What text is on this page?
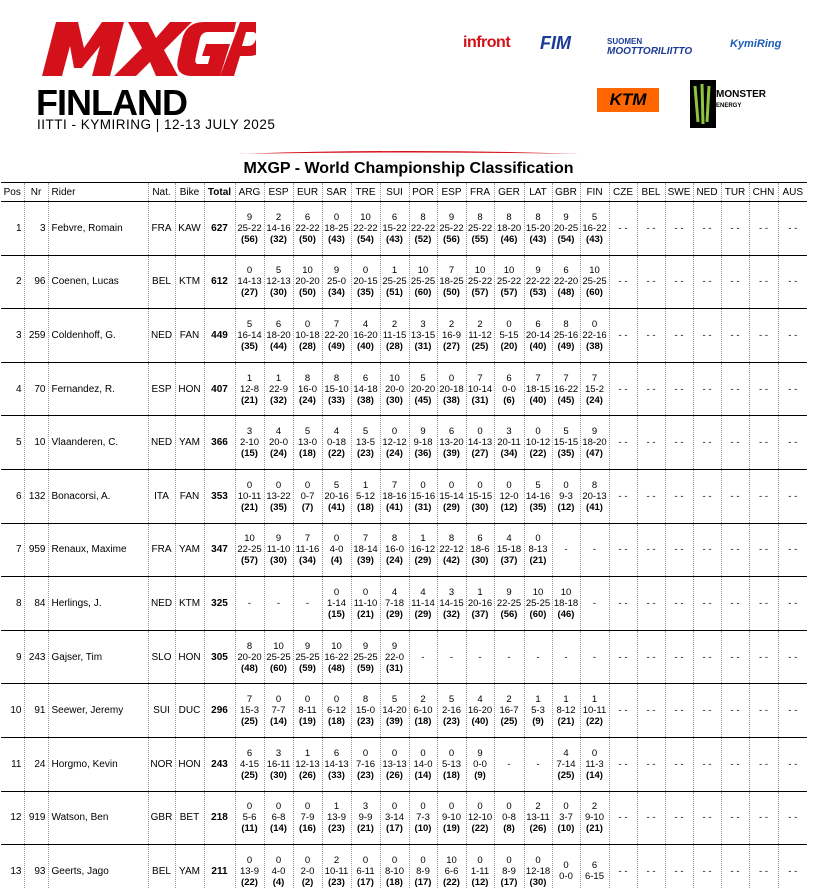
FINLAND
IITTI - KYMIRING | 12-13 JULY 2025
infront FIM	SUOMEN
MOOTTORILIITTO
KymiRing
KTM	MONSTER
ENERGY
MXGP - World Championship Classification
Pos	Nr	Rider	Nat.	Bike	Total	ARG	ESP	EUR	SAR	TRE	SUI	POR	ESP	FRA	GER	LAT	GBR	FIN	CZE	BEL	SWE	NED	TUR	CHN	AUS
1	3	Febvre, Romain	FRA	KAW	627	9
25-22
(56)	2
14-16
(32)	6
22-22
(50)	0
18-25
(43)	10
22-22
(54)	6
15-22
(43)	8
22-22
(52)	9
25-22
(56)	8
25-22
(55)	8
18-20
(46)	8
15-20
(43)	9
20-25
(54)	5
16-22
(43)	- -	- -	- -	- -	- -	- -	- -
2	96	Coenen, Lucas	BEL	KTM	612	0
14-13
(27)	5
12-13
(30)	10
20-20
(50)	9
25-0
(34)	0
20-15
(35)	1
25-25
(51)	10
25-25
(60)	7
18-25
(50)	10
25-22
(57)	10
25-22
(57)	9
22-22
(53)	6
22-20
(48)	10
25-25
(60)	- -	- -	- -	- -	- -	- -	- -
3	259	Coldenhoff, G.	NED	FAN	449	5
16-14
(35)	6
18-20
(44)	0
10-18
(28)	7
22-20
(49)	4
16-20
(40)	2
11-15
(28)	3
13-15
(31)	2
16-9
(27)	2
11-12
(25)	0
5-15
(20)	6
20-14
(40)	8
25-16
(49)	0
22-16
(38)	- -	- -	- -	- -	- -	- -	- -
4	70	Fernandez, R.	ESP	HON	407	1
12-8
(21)	1
22-9
(32)	8
16-0
(24)	8
15-10
(33)	6
14-18
(38)	10
20-0
(30)	5
20-20
(45)	0
20-18
(38)	7
10-14
(31)	6
0-0
(6)	7
18-15
(40)	7
16-22
(45)	7
15-2
(24)	- -	- -	- -	- -	- -	- -	- -
5	10	Vlaanderen, C.	NED	YAM	366	3
2-10
(15)	4
20-0
(24)	5
13-0
(18)	4
0-18
(22)	5
13-5
(23)	0
12-12
(24)	9
9-18
(36)	6
13-20
(39)	0
14-13
(27)	3
20-11
(34)	0
10-12
(22)	5
15-15
(35)	9
18-20
(47)	- -	- -	- -	- -	- -	- -	- -
6	132	Bonacorsi, A.	ITA	FAN	353	0
10-11
(21)	0
13-22
(35)	0
0-7
(7)	5
20-16
(41)	1
5-12
(18)	7
18-16
(41)	0
15-16
(31)	0
15-14
(29)	0
15-15
(30)	0
12-0
(12)	5
14-16
(35)	0
9-3
(12)	8
20-13
(41)	- -	- -	- -	- -	- -	- -	- -
7	959	Renaux, Maxime	FRA	YAM	347	10
22-25
(57)	9
11-10
(30)	7
11-16
(34)	0
4-0
(4)	7
18-14
(39)	8
16-0
(24)	1
16-12
(29)	8
22-12
(42)	6
18-6
(30)	4
15-18
(37)	0
8-13
(21)	-	-	- -	- -	- -	- -	- -	- -	- -
8	84	Herlings, J.	NED	KTM	325	-	-	-	0
1-14
(15)	0
11-10
(21)	4
7-18
(29)	4
11-14
(29)	3
14-15
(32)	1
20-16
(37)	9
22-25
(56)	10
25-25
(60)	10
18-18
(46)	-	- -	- -	- -	- -	- -	- -	- -
9	243	Gajser, Tim	SLO	HON	305	8
20-20
(48)	10
25-25
(60)	9
25-25
(59)	10
16-22
(48)	9
25-25
(59)	9
22-0
(31)	-	-	-	-	-	-	-	- -	- -	- -	- -	- -	- -	- -
10	91	Seewer, Jeremy	SUI	DUC	296	7
15-3
(25)	0
7-7
(14)	0
8-11
(19)	0
6-12
(18)	8
15-0
(23)	5
14-20
(39)	2
6-10
(18)	5
2-16
(23)	4
16-20
(40)	2
16-7
(25)	1
5-3
(9)	1
8-12
(21)	1
10-11
(22)	- -	- -	- -	- -	- -	- -	- -
11	24	Horgmo, Kevin	NOR	HON	243	6
4-15
(25)	3
16-11
(30)	1
12-13
(26)	6
14-13
(33)	0
7-16
(23)	0
13-13
(26)	0
14-0
(14)	0
5-13
(18)	9
0-0
(9)	-	-	4
7-14
(25)	0
11-3
(14)	- -	- -	- -	- -	- -	- -	- -
12	919	Watson, Ben	GBR	BET	218	0
5-6
(11)	0
6-8
(14)	0
7-9
(16)	1
13-9
(23)	3
9-9
(21)	0
3-14
(17)	0
7-3
(10)	0
9-10
(19)	0
12-10
(22)	0
0-8
(8)	2
13-11
(26)	0
3-7
(10)	2
9-10
(21)	- -	- -	- -	- -	- -	- -	- -
13	93	Geerts, Jago	BEL	YAM	211	0
13-9
(22)	0
4-0
(4)	0
2-0
(2)	2
10-11
(23)	0
6-11
(17)	0
8-10
(18)	0
8-9
(17)	10
6-6
(22)	0
1-11
(12)	0
8-9
(17)	0
12-18
(30)	0
0-0	6
6-15	- -	- -	- -	- -	- -	- -	- -
